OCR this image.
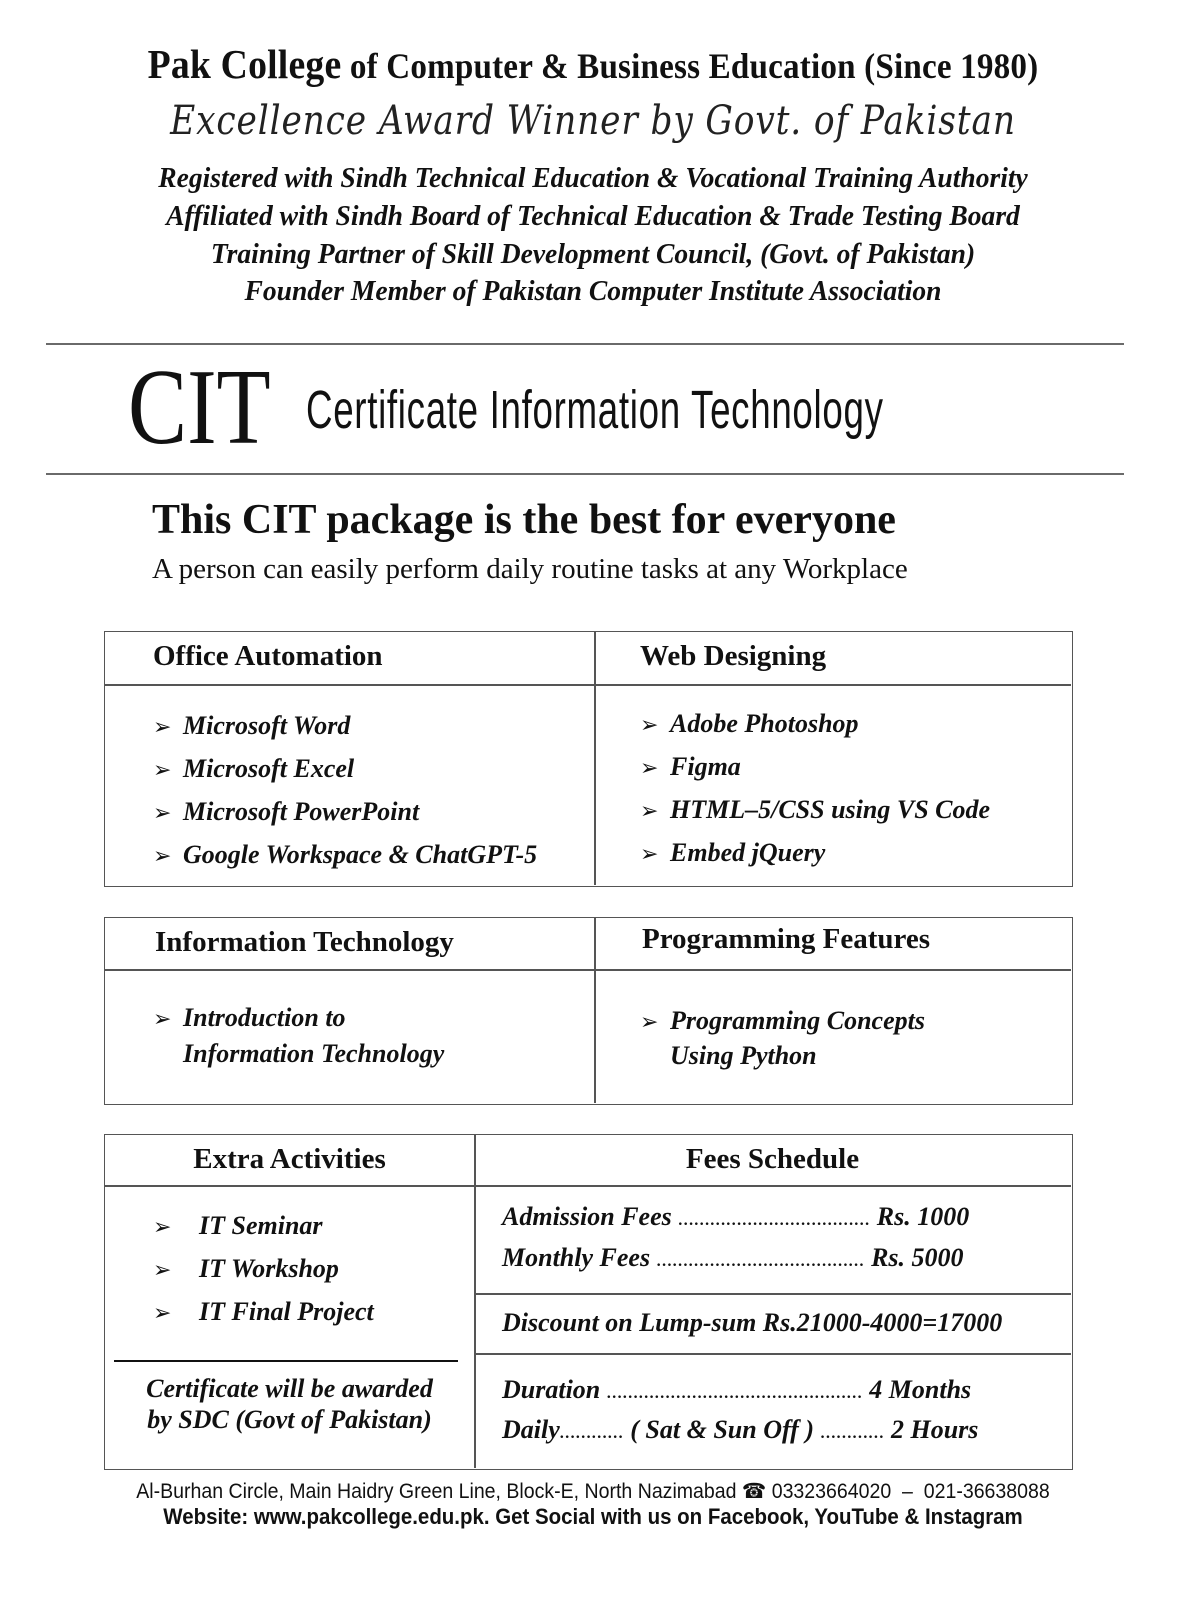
Pak College of Computer & Business Education (Since 1980)
Excellence Award Winner by Govt. of Pakistan
Registered with Sindh Technical Education & Vocational Training Authority
Affiliated with Sindh Board of Technical Education & Trade Testing Board
Training Partner of Skill Development Council, (Govt. of Pakistan)
Founder Member of Pakistan Computer Institute Association
CIT Certificate Information Technology
This CIT package is the best for everyone
A person can easily perform daily routine tasks at any Workplace
Office Automation	Web Designing
➢ Microsoft Word
➢ Microsoft Excel
➢ Microsoft PowerPoint
➢ Google Workspace & ChatGPT-5
➢ Adobe Photoshop
➢ Figma
➢ HTML–5/CSS using VS Code
➢ Embed jQuery
Information Technology	Programming Features
➢ Introduction to
Information Technology
➢ Programming Concepts
Using Python
Extra Activities
➢ IT Seminar
➢ IT Workshop
➢ IT Final Project
Certificate will be awarded
by SDC (Govt of Pakistan)
Fees Schedule
Admission Fees ……………………………… Rs. 1000
Monthly Fees ………………………………… Rs. 5000
Discount on Lump-sum Rs.21000-4000=17000
Duration ………………………………………… 4 Months
Daily………… ( Sat & Sun Off ) ………… 2 Hours
Al-Burhan Circle, Main Haidry Green Line, Block-E, North Nazimabad ☎ 03323664020  –  021-36638088
Website: www.pakcollege.edu.pk. Get Social with us on Facebook, YouTube & Instagram
